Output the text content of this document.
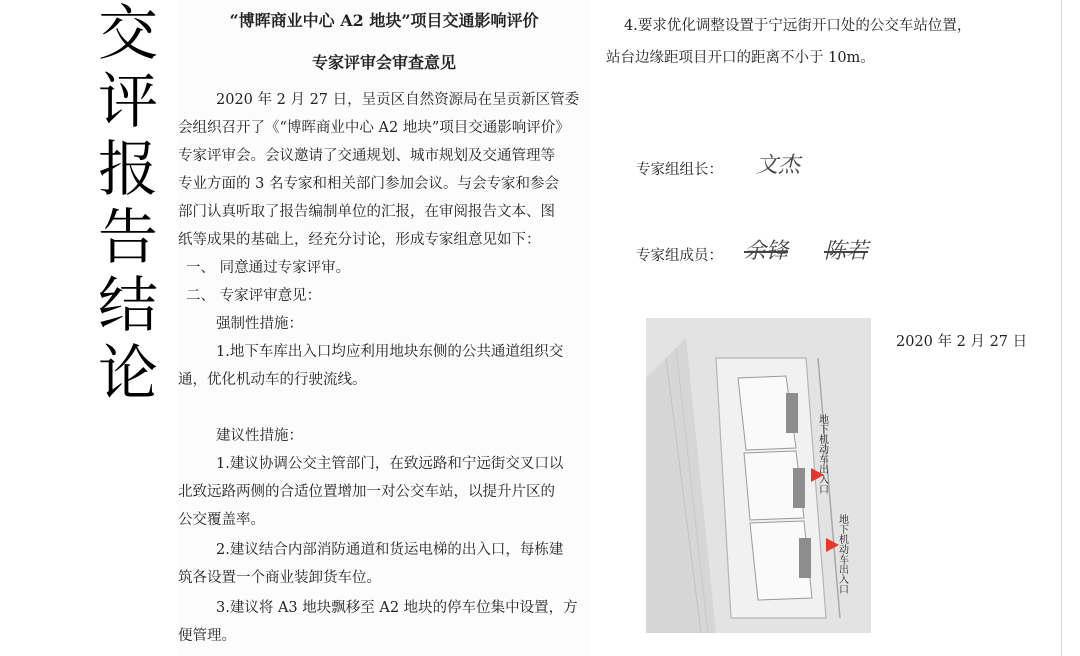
交
评
报
告
结
论
“博晖商业中心 A2 地块”项目交通影响评价
专家评审会审查意见
2020 年 2 月 27 日，呈贡区自然资源局在呈贡新区管委
会组织召开了《“博晖商业中心 A2 地块”项目交通影响评价》
专家评审会。会议邀请了交通规划、城市规划及交通管理等
专业方面的 3 名专家和相关部门参加会议。与会专家和参会
部门认真听取了报告编制单位的汇报，在审阅报告文本、图
纸等成果的基础上，经充分讨论，形成专家组意见如下：
一、 同意通过专家评审。
二、 专家评审意见：
强制性措施：
1.地下车库出入口均应利用地块东侧的公共通道组织交
通，优化机动车的行驶流线。
建议性措施：
1.建议协调公交主管部门，在致远路和宁远街交叉口以
北致远路两侧的合适位置增加一对公交车站，以提升片区的
公交覆盖率。
2.建议结合内部消防通道和货运电梯的出入口，每栋建
筑各设置一个商业装卸货车位。
3.建议将 A3 地块飘移至 A2 地块的停车位集中设置，方
便管理。
4.要求优化调整设置于宁远街开口处的公交车站位置，
站台边缘距项目开口的距离不小于 10m。
专家组组长： 文杰
专家组成员： 余锋 陈若
2020 年 2 月 27 日
地下机动车出入口
地下机动车出入口
